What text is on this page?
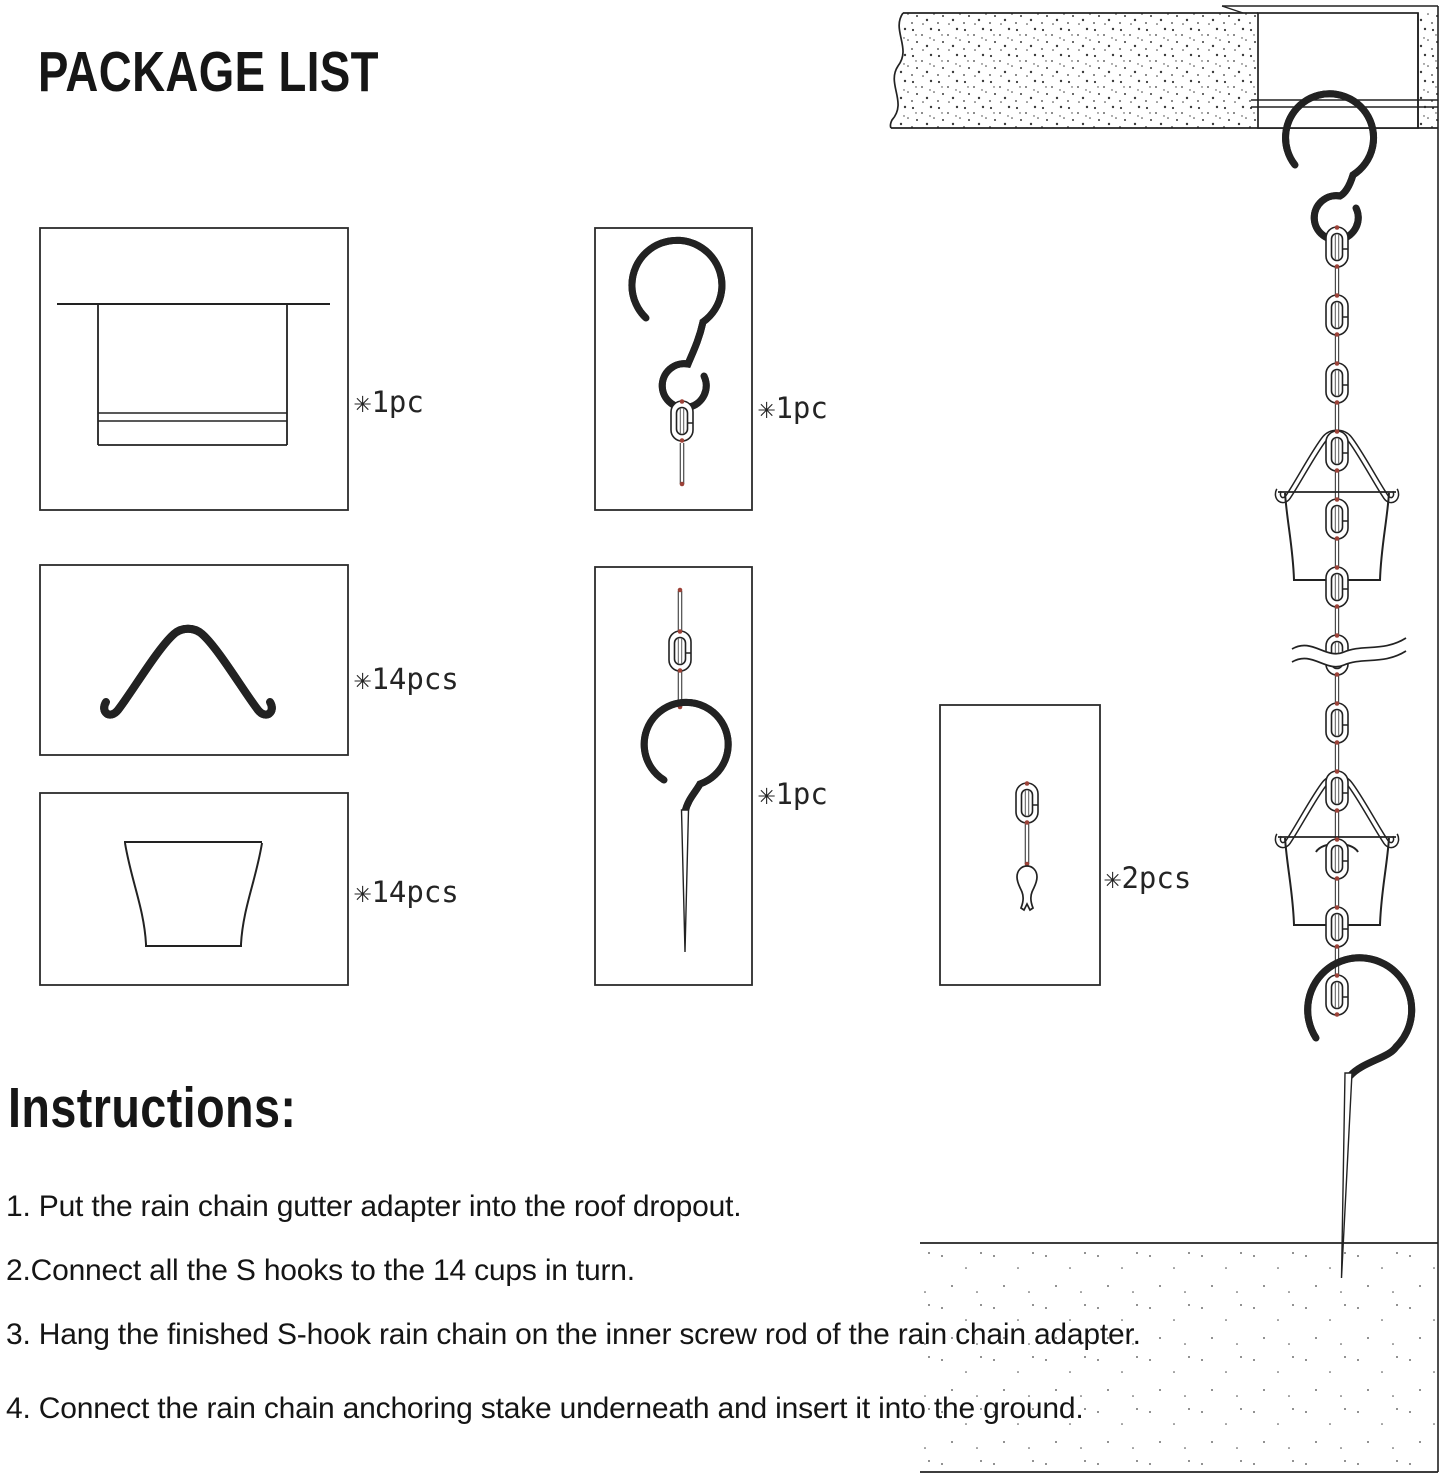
PACKAGE LIST
✳1pc
✳14pcs
✳14pcs
✳1pc
✳1pc
✳2pcs
Instructions:
1. Put the rain chain gutter adapter into the roof dropout.
2.Connect all the S hooks to the 14 cups in turn.
3. Hang the finished S-hook rain chain on the inner screw rod of the rain chain adapter.
4. Connect the rain chain anchoring stake underneath and insert it into the ground.
